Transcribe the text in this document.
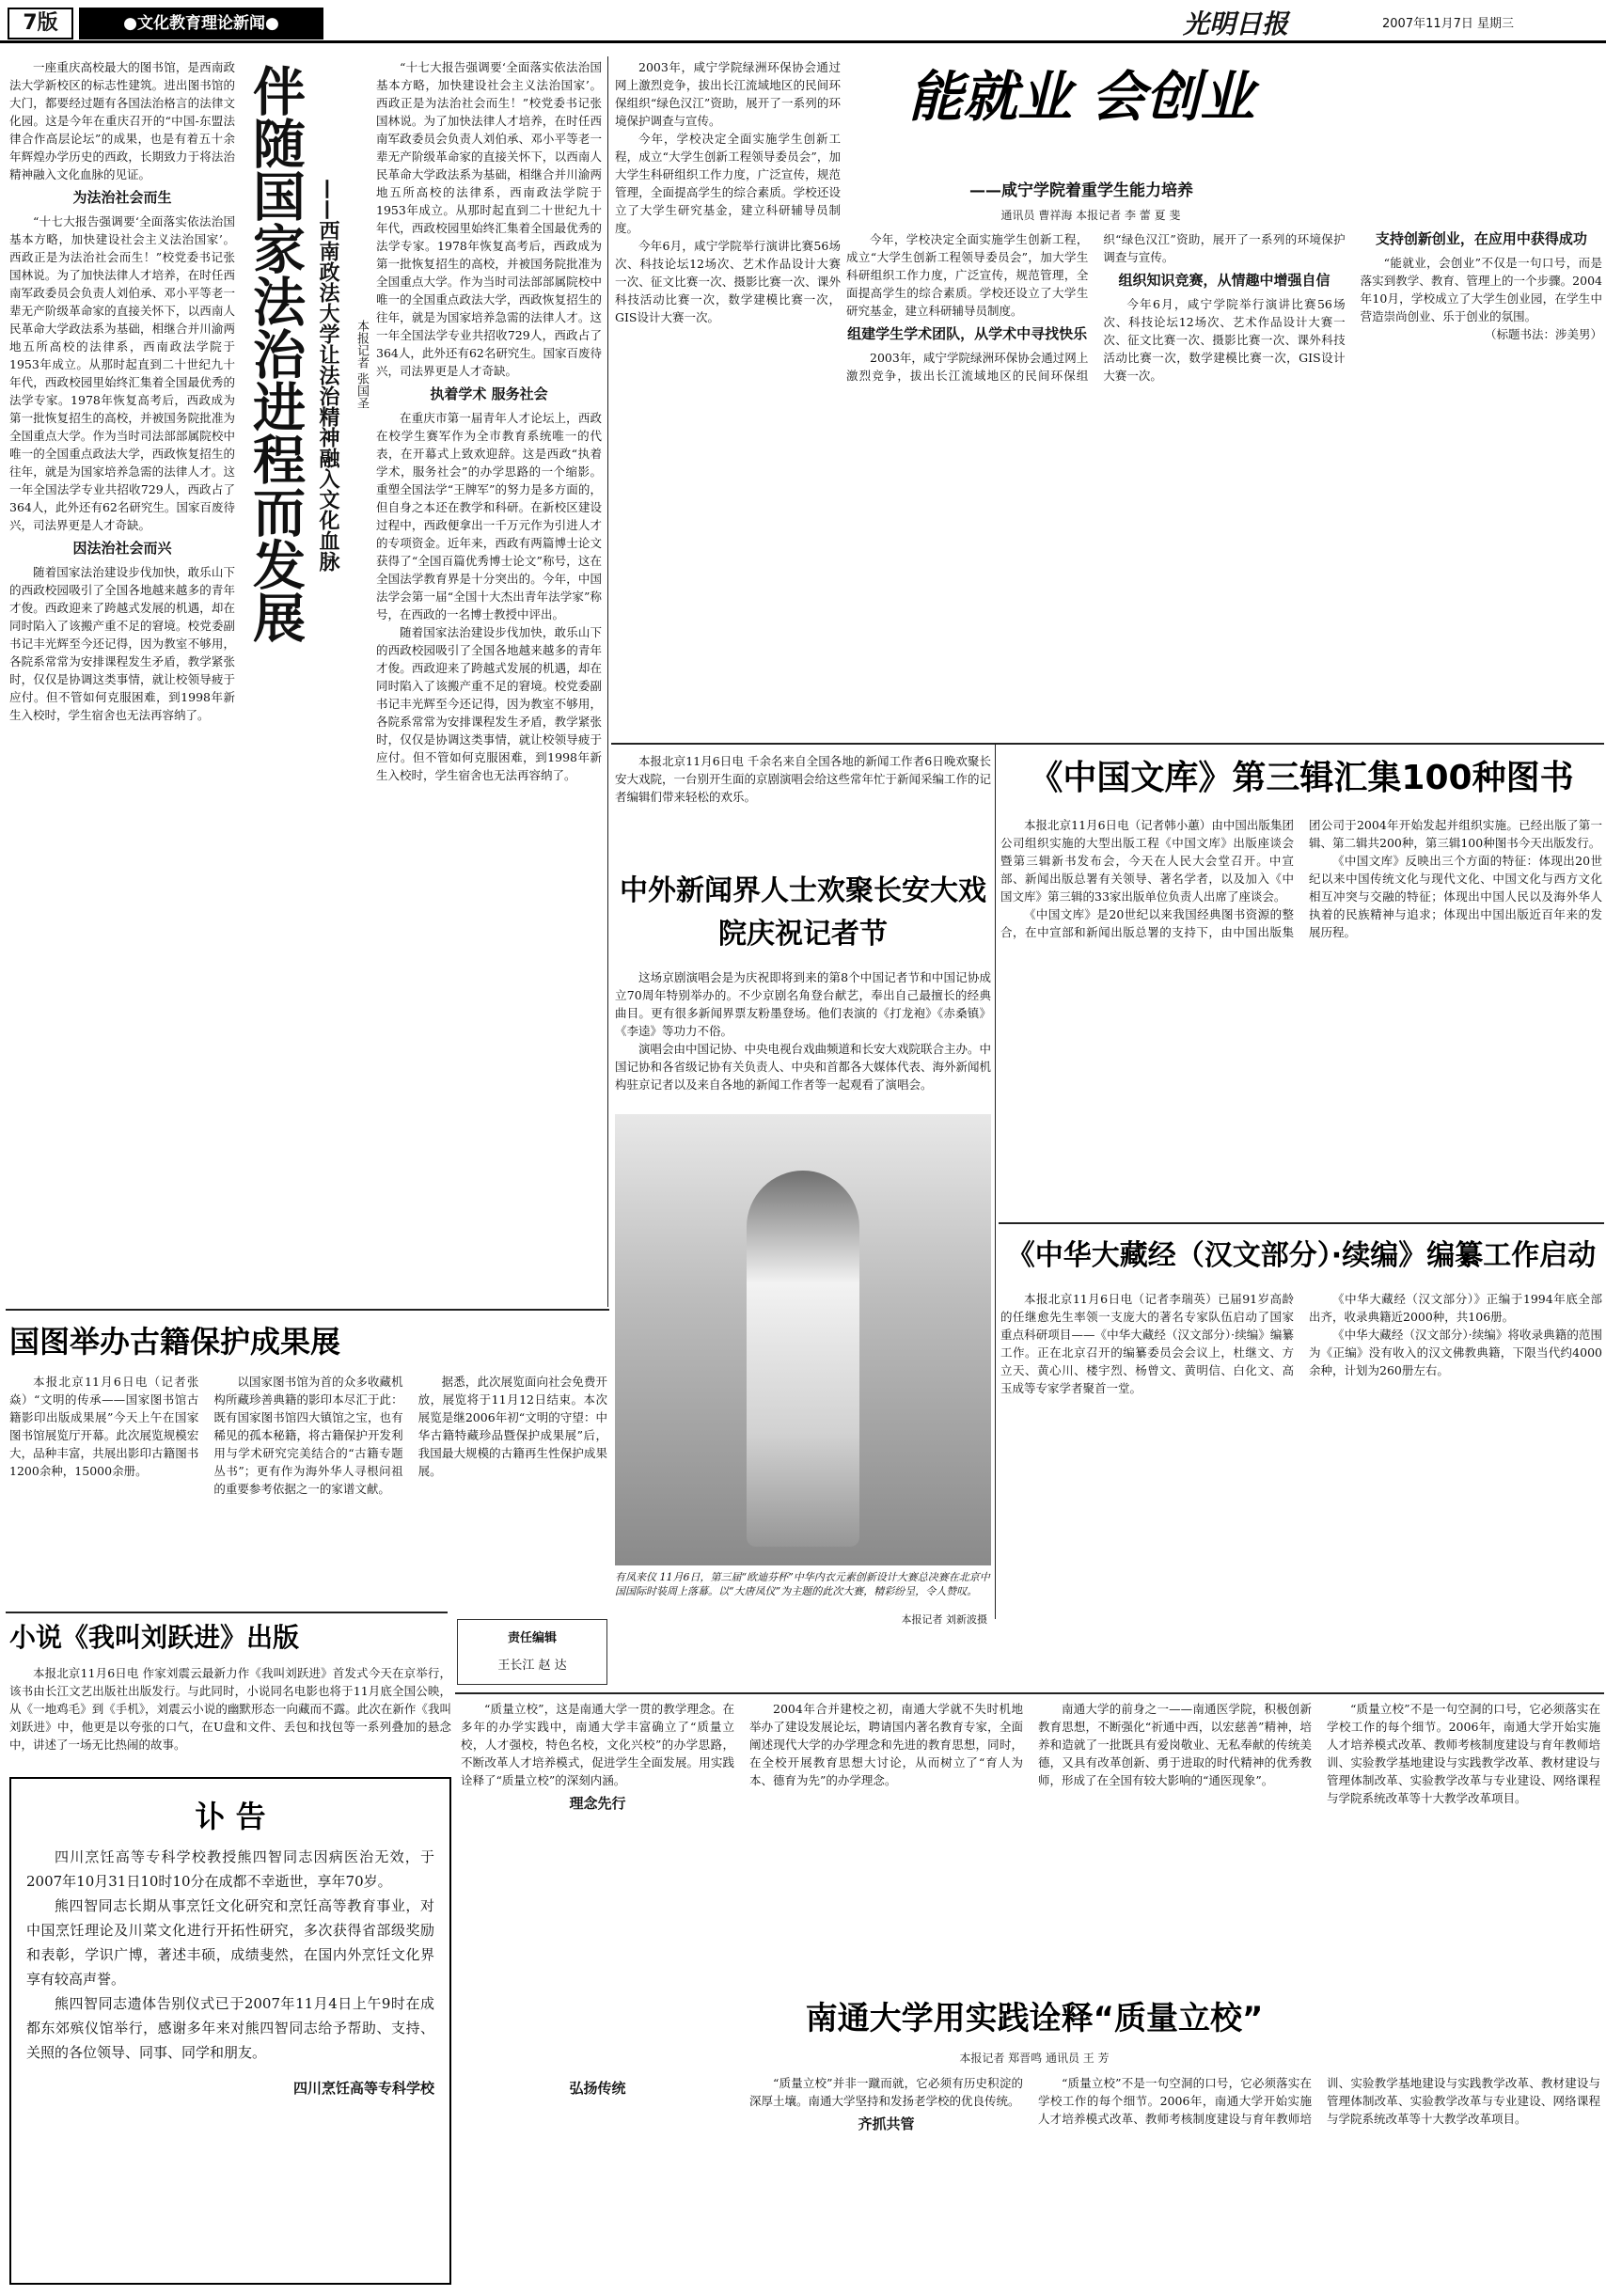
7版	●文化教育理论新闻●	光明日报	2007年11月7日 星期三

一座重庆高校最大的图书馆，是西南政法大学新校区的标志性建筑。进出图书馆的大门，都要经过题有各国法治格言的法律文化园。这是今年在重庆召开的“中国-东盟法律合作高层论坛”的成果，也是有着五十余年辉煌办学历史的西政，长期致力于将法治精神融入文化血脉的见证。

为法治社会而生

“十七大报告强调要‘全面落实依法治国基本方略，加快建设社会主义法治国家’。西政正是为法治社会而生！”校党委书记张国林说。为了加快法律人才培养，在时任西南军政委员会负责人刘伯承、邓小平等老一辈无产阶级革命家的直接关怀下，以西南人民革命大学政法系为基础，相继合并川渝两地五所高校的法律系，西南政法学院于1953年成立。从那时起直到二十世纪九十年代，西政校园里始终汇集着全国最优秀的法学专家。1978年恢复高考后，西政成为第一批恢复招生的高校，并被国务院批准为全国重点大学。作为当时司法部部属院校中唯一的全国重点政法大学，西政恢复招生的往年，就是为国家培养急需的法律人才。这一年全国法学专业共招收729人，西政占了364人，此外还有62名研究生。国家百废待兴，司法界更是人才奇缺。

因法治社会而兴

随着国家法治建设步伐加快，敢乐山下的西政校园吸引了全国各地越来越多的青年才俊。西政迎来了跨越式发展的机遇，却在同时陷入了该搬产重不足的窘境。校党委副书记丰光辉至今还记得，因为教室不够用，各院系常常为安排课程发生矛盾，教学紧张时，仅仅是协调这类事情，就让校领导疲于应付。但不管如何克服困难，到1998年新生入校时，学生宿舍也无法再容纳了。

伴随国家法治进程而发展 ——西南政法大学让法治精神融入文化血脉	本报记者 张国圣

“十七大报告强调要‘全面落实依法治国基本方略，加快建设社会主义法治国家’。西政正是为法治社会而生！”校党委书记张国林说。为了加快法律人才培养，在时任西南军政委员会负责人刘伯承、邓小平等老一辈无产阶级革命家的直接关怀下，以西南人民革命大学政法系为基础，相继合并川渝两地五所高校的法律系，西南政法学院于1953年成立。从那时起直到二十世纪九十年代，西政校园里始终汇集着全国最优秀的法学专家。1978年恢复高考后，西政成为第一批恢复招生的高校，并被国务院批准为全国重点大学。作为当时司法部部属院校中唯一的全国重点政法大学，西政恢复招生的往年，就是为国家培养急需的法律人才。这一年全国法学专业共招收729人，西政占了364人，此外还有62名研究生。国家百废待兴，司法界更是人才奇缺。

执着学术 服务社会

在重庆市第一届青年人才论坛上，西政在校学生赛军作为全市教育系统唯一的代表，在开幕式上致欢迎辞。这是西政“执着学术，服务社会”的办学思路的一个缩影。重塑全国法学“王牌军”的努力是多方面的，但自身之本还在教学和科研。在新校区建设过程中，西政便拿出一千万元作为引进人才的专项资金。近年来，西政有两篇博士论文获得了“全国百篇优秀博士论文”称号，这在全国法学教育界是十分突出的。今年，中国法学会第一届“全国十大杰出青年法学家”称号，在西政的一名博士教授中评出。

随着国家法治建设步伐加快，敢乐山下的西政校园吸引了全国各地越来越多的青年才俊。西政迎来了跨越式发展的机遇，却在同时陷入了该搬产重不足的窘境。校党委副书记丰光辉至今还记得，因为教室不够用，各院系常常为安排课程发生矛盾，教学紧张时，仅仅是协调这类事情，就让校领导疲于应付。但不管如何克服困难，到1998年新生入校时，学生宿舍也无法再容纳了。

2003年，咸宁学院绿洲环保协会通过网上激烈竞争，拔出长江流域地区的民间环保组织“绿色汉江”资助，展开了一系列的环境保护调查与宣传。

今年，学校决定全面实施学生创新工程，成立“大学生创新工程领导委员会”，加大学生科研组织工作力度，广泛宣传，规范管理，全面提高学生的综合素质。学校还设立了大学生研究基金，建立科研辅导员制度。

今年6月，咸宁学院举行演讲比赛56场次、科技论坛12场次、艺术作品设计大赛一次、征文比赛一次、摄影比赛一次、课外科技活动比赛一次，数学建模比赛一次，GIS设计大赛一次。

能就业 会创业
——咸宁学院着重学生能力培养
通讯员 曹祥海 本报记者 李 蕾 夏 斐

今年，学校决定全面实施学生创新工程，成立“大学生创新工程领导委员会”，加大学生科研组织工作力度，广泛宣传，规范管理，全面提高学生的综合素质。学校还设立了大学生研究基金，建立科研辅导员制度。

组建学生学术团队，从学术中寻找快乐

2003年，咸宁学院绿洲环保协会通过网上激烈竞争，拔出长江流域地区的民间环保组织“绿色汉江”资助，展开了一系列的环境保护调查与宣传。

组织知识竞赛，从情趣中增强自信

今年6月，咸宁学院举行演讲比赛56场次、科技论坛12场次、艺术作品设计大赛一次、征文比赛一次、摄影比赛一次、课外科技活动比赛一次，数学建模比赛一次，GIS设计大赛一次。

支持创新创业，在应用中获得成功

“能就业，会创业”不仅是一句口号，而是落实到教学、教育、管理上的一个步骤。2004年10月，学校成立了大学生创业园，在学生中营造崇尚创业、乐于创业的氛围。

（标题书法：涉美男）

本报北京11月6日电 千余名来自全国各地的新闻工作者6日晚欢聚长安大戏院，一台别开生面的京剧演唱会给这些常年忙于新闻采编工作的记者编辑们带来轻松的欢乐。

中外新闻界人士欢聚长安大戏院庆祝记者节

这场京剧演唱会是为庆祝即将到来的第8个中国记者节和中国记协成立70周年特别举办的。不少京剧名角登台献艺，奉出自己最擅长的经典曲目。更有很多新闻界票友粉墨登场。他们表演的《打龙袍》《赤桑镇》《李逵》等功力不俗。

演唱会由中国记协、中央电视台戏曲频道和长安大戏院联合主办。中国记协和各省级记协有关负责人、中央和首都各大媒体代表、海外新闻机构驻京记者以及来自各地的新闻工作者等一起观看了演唱会。

有凤来仪 11月6日，第三届“欧迪芬杯”中华内衣元素创新设计大赛总决赛在北京中国国际时装周上落幕。以“大唐凤仪”为主题的此次大赛，精彩纷呈，令人赞叹。
本报记者 刘新波摄
《中国文库》第三辑汇集100种图书

本报北京11月6日电（记者韩小蕙）由中国出版集团公司组织实施的大型出版工程《中国文库》出版座谈会暨第三辑新书发布会，今天在人民大会堂召开。中宣部、新闻出版总署有关领导、著名学者，以及加入《中国文库》第三辑的33家出版单位负责人出席了座谈会。

《中国文库》是20世纪以来我国经典图书资源的整合，在中宣部和新闻出版总署的支持下，由中国出版集团公司于2004年开始发起并组织实施。已经出版了第一辑、第二辑共200种，第三辑100种图书今天出版发行。

《中国文库》反映出三个方面的特征：体现出20世纪以来中国传统文化与现代文化、中国文化与西方文化相互冲突与交融的特征；体现出中国人民以及海外华人执着的民族精神与追求；体现出中国出版近百年来的发展历程。

《中华大藏经（汉文部分）·续编》编纂工作启动

本报北京11月6日电（记者李瑞英）已届91岁高龄的任继愈先生率领一支庞大的著名专家队伍启动了国家重点科研项目——《中华大藏经（汉文部分）·续编》编纂工作。正在北京召开的编纂委员会会议上，杜继文、方立天、黄心川、楼宇烈、杨曾文、黄明信、白化文、高玉成等专家学者聚首一堂。

《中华大藏经（汉文部分）》正编于1994年底全部出齐，收录典籍近2000种，共106册。

《中华大藏经（汉文部分）·续编》将收录典籍的范围为《正编》没有收入的汉文佛教典籍，下限当代约4000余种，计划为260册左右。

国图举办古籍保护成果展

本报北京11月6日电（记者张焱）“文明的传承——国家图书馆古籍影印出版成果展”今天上午在国家图书馆展览厅开幕。此次展览规模宏大，品种丰富，共展出影印古籍图书1200余种，15000余册。

以国家图书馆为首的众多收藏机构所藏珍善典籍的影印本尽汇于此：既有国家图书馆四大镇馆之宝，也有稀见的孤本秘籍，将古籍保护开发利用与学术研究完美结合的“古籍专题丛书”；更有作为海外华人寻根问祖的重要参考依据之一的家谱文献。

据悉，此次展览面向社会免费开放，展览将于11月12日结束。本次展览是继2006年初“文明的守望：中华古籍特藏珍品暨保护成果展”后，我国最大规模的古籍再生性保护成果展。

小说《我叫刘跃进》出版

本报北京11月6日电 作家刘震云最新力作《我叫刘跃进》首发式今天在京举行，该书由长江文艺出版社出版发行。与此同时，小说同名电影也将于11月底全国公映，从《一地鸡毛》到《手机》，刘震云小说的幽默形态一向藏而不露。此次在新作《我叫刘跃进》中，他更是以夸张的口气，在U盘和文件、丢包和找包等一系列叠加的悬念中，讲述了一场无比热闹的故事。

责任编辑
王长江 赵 达
讣 告

四川烹饪高等专科学校教授熊四智同志因病医治无效，于2007年10月31日10时10分在成都不幸逝世，享年70岁。

熊四智同志长期从事烹饪文化研究和烹饪高等教育事业，对中国烹饪理论及川菜文化进行开拓性研究，多次获得省部级奖励和表彰，学识广博，著述丰硕，成绩斐然，在国内外烹饪文化界享有较高声誉。

熊四智同志遗体告别仪式已于2007年11月4日上午9时在成都东郊殡仪馆举行，感谢多年来对熊四智同志给予帮助、支持、关照的各位领导、同事、同学和朋友。

四川烹饪高等专科学校

“质量立校”，这是南通大学一贯的教学理念。在多年的办学实践中，南通大学丰富确立了“质量立校，人才强校，特色名校，文化兴校”的办学思路，不断改革人才培养模式，促进学生全面发展。用实践诠释了“质量立校”的深刻内涵。

理念先行

2004年合并建校之初，南通大学就不失时机地举办了建设发展论坛，聘请国内著名教育专家，全面阐述现代大学的办学理念和先进的教育思想，同时，在全校开展教育思想大讨论，从而树立了“育人为本、德育为先”的办学理念。

南通大学的前身之一——南通医学院，积极创新教育思想，不断强化“祈通中西，以宏慈善”精神，培养和造就了一批既具有爱岗敬业、无私奉献的传统美德，又具有改革创新、勇于进取的时代精神的优秀教师，形成了在全国有较大影响的“通医现象”。

“质量立校”不是一句空洞的口号，它必须落实在学校工作的每个细节。2006年，南通大学开始实施人才培养模式改革、教师考核制度建设与育年教师培训、实验教学基地建设与实践教学改革、教材建设与管理体制改革、实验教学改革与专业建设、网络课程与学院系统改革等十大教学改革项目。

南通大学用实践诠释“质量立校”
本报记者 郑晋鸣 通讯员 王 芳
弘扬传统	“质量立校”并非一蹴而就，它必须有历史积淀的深厚土壤。南通大学坚持和发扬老学校的优良传统。

齐抓共管

“质量立校”不是一句空洞的口号，它必须落实在学校工作的每个细节。2006年，南通大学开始实施人才培养模式改革、教师考核制度建设与育年教师培训、实验教学基地建设与实践教学改革、教材建设与管理体制改革、实验教学改革与专业建设、网络课程与学院系统改革等十大教学改革项目。
